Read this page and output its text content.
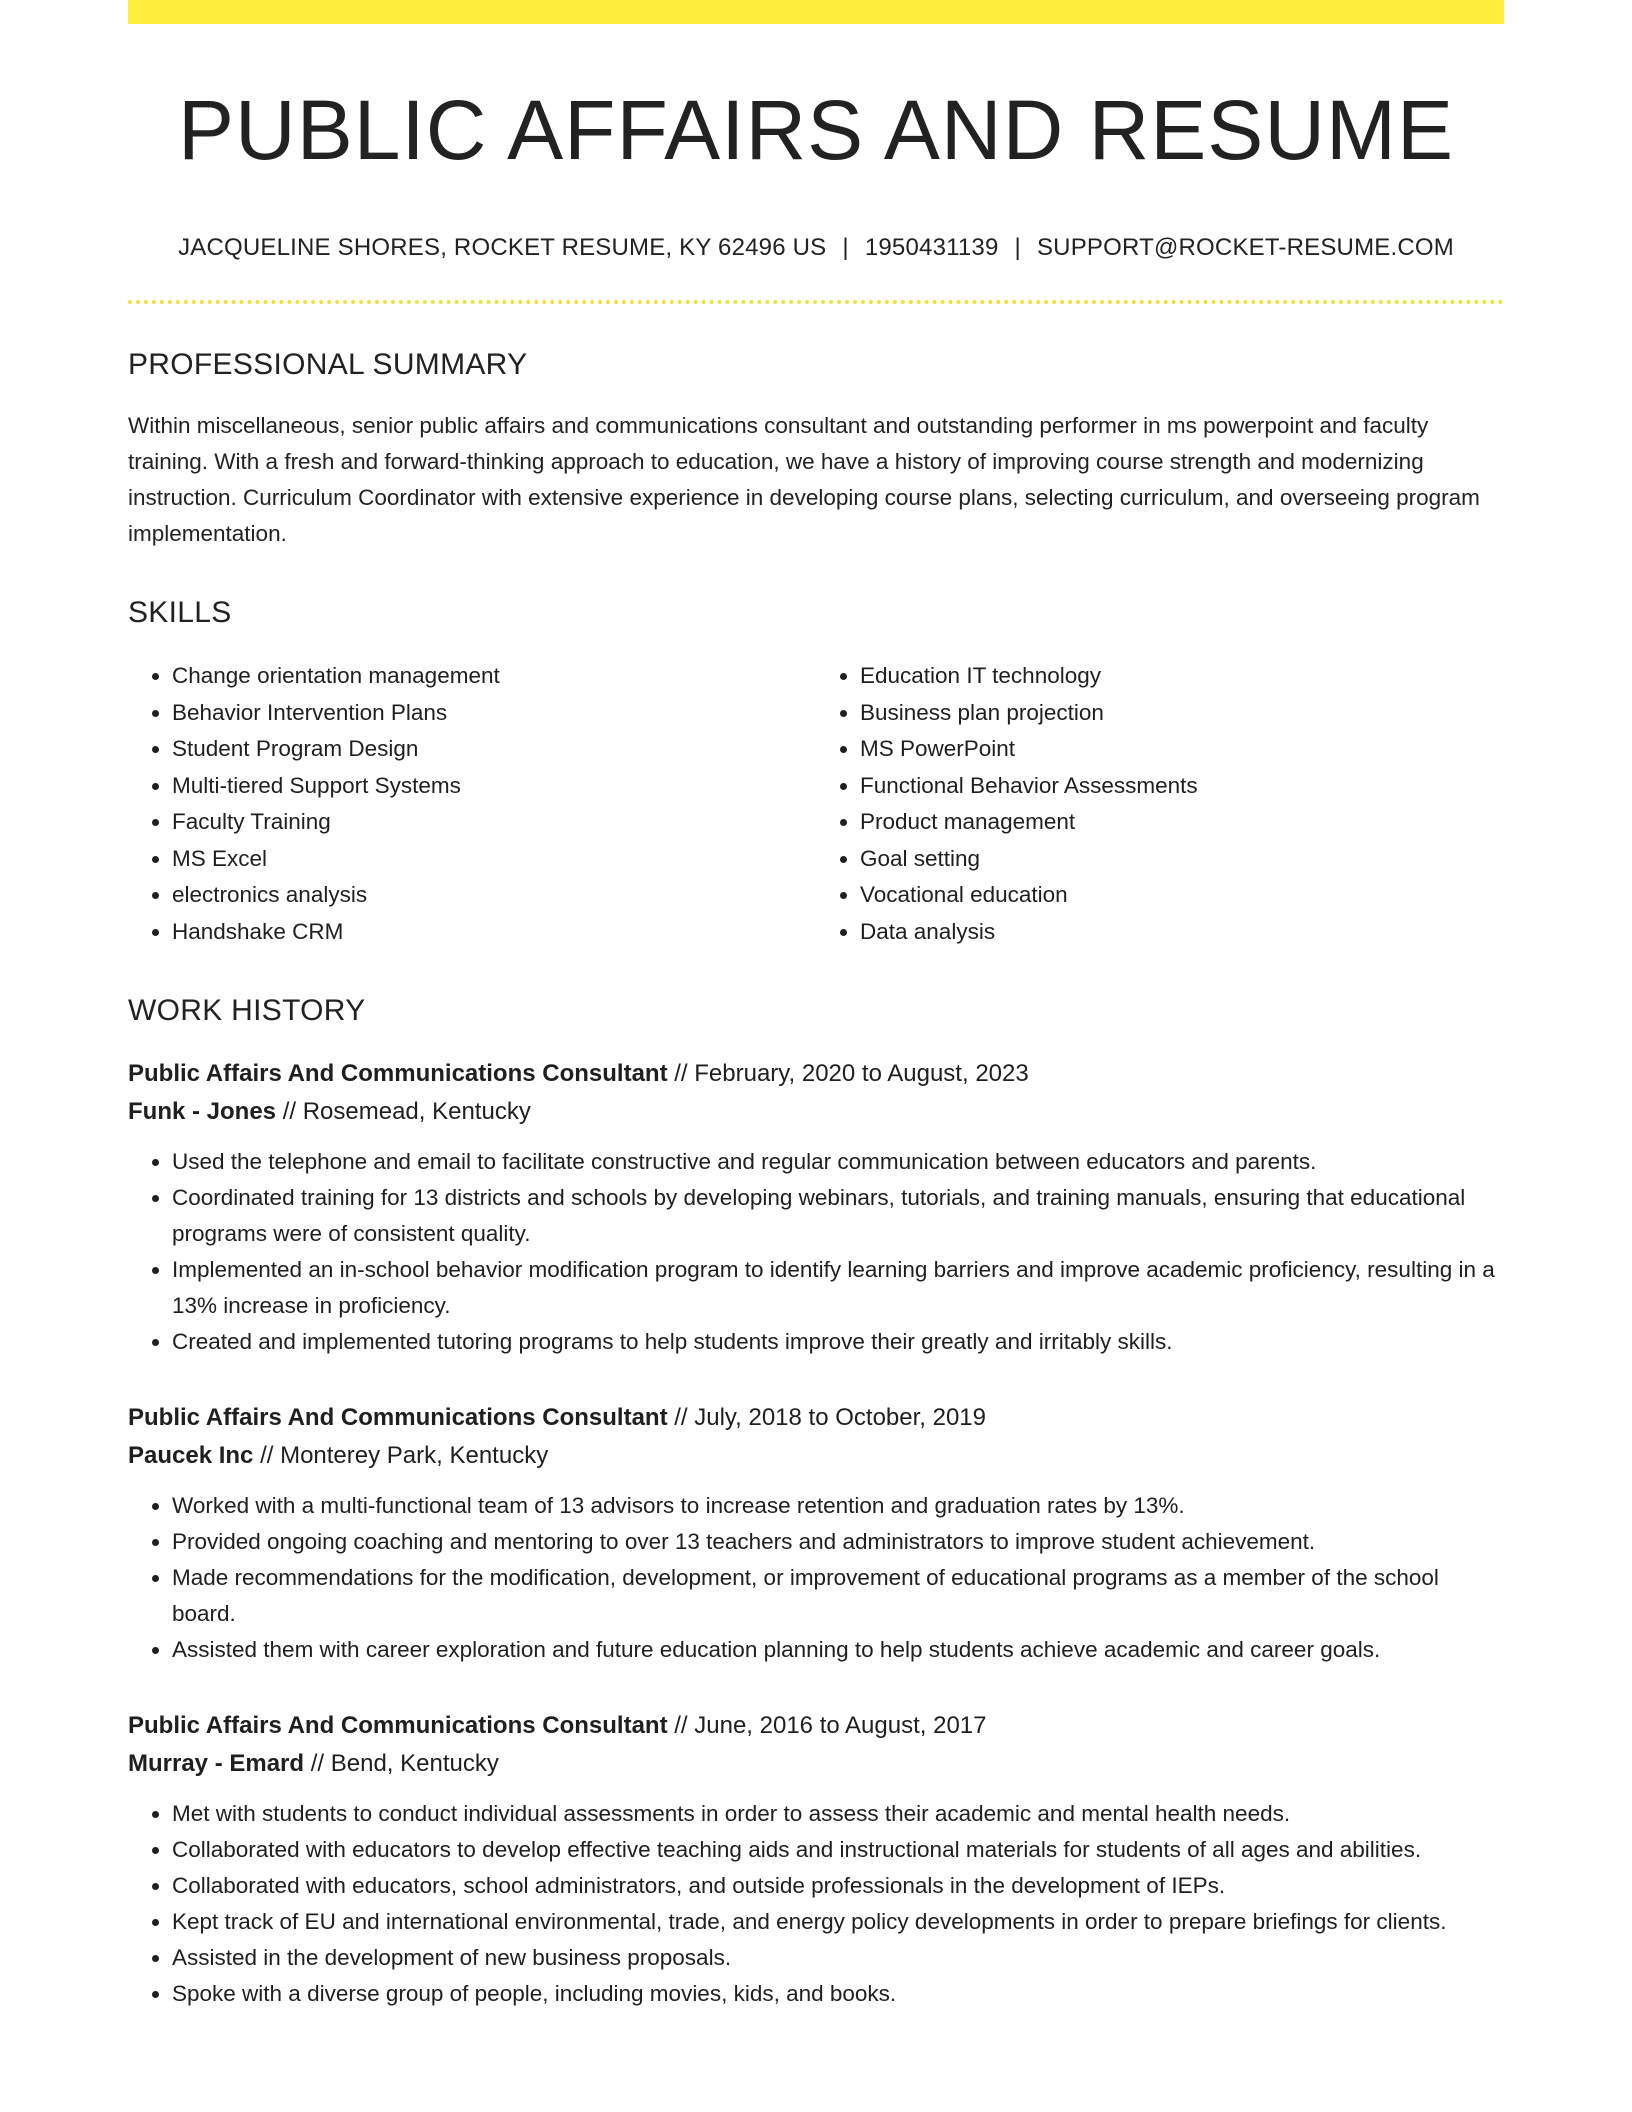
PUBLIC AFFAIRS AND RESUME
JACQUELINE SHORES, ROCKET RESUME, KY 62496 US | 1950431139 | SUPPORT@ROCKET-RESUME.COM
PROFESSIONAL SUMMARY
Within miscellaneous, senior public affairs and communications consultant and outstanding performer in ms powerpoint and faculty training. With a fresh and forward-thinking approach to education, we have a history of improving course strength and modernizing instruction. Curriculum Coordinator with extensive experience in developing course plans, selecting curriculum, and overseeing program implementation.
SKILLS
• Change orientation management
• Behavior Intervention Plans
• Student Program Design
• Multi-tiered Support Systems
• Faculty Training
• MS Excel
• electronics analysis
• Handshake CRM
• Education IT technology
• Business plan projection
• MS PowerPoint
• Functional Behavior Assessments
• Product management
• Goal setting
• Vocational education
• Data analysis
WORK HISTORY
Public Affairs And Communications Consultant // February, 2020 to August, 2023
Funk - Jones // Rosemead, Kentucky
• Used the telephone and email to facilitate constructive and regular communication between educators and parents.
• Coordinated training for 13 districts and schools by developing webinars, tutorials, and training manuals, ensuring that educational programs were of consistent quality.
• Implemented an in-school behavior modification program to identify learning barriers and improve academic proficiency, resulting in a 13% increase in proficiency.
• Created and implemented tutoring programs to help students improve their greatly and irritably skills.
Public Affairs And Communications Consultant // July, 2018 to October, 2019
Paucek Inc // Monterey Park, Kentucky
• Worked with a multi-functional team of 13 advisors to increase retention and graduation rates by 13%.
• Provided ongoing coaching and mentoring to over 13 teachers and administrators to improve student achievement.
• Made recommendations for the modification, development, or improvement of educational programs as a member of the school board.
• Assisted them with career exploration and future education planning to help students achieve academic and career goals.
Public Affairs And Communications Consultant // June, 2016 to August, 2017
Murray - Emard // Bend, Kentucky
• Met with students to conduct individual assessments in order to assess their academic and mental health needs.
• Collaborated with educators to develop effective teaching aids and instructional materials for students of all ages and abilities.
• Collaborated with educators, school administrators, and outside professionals in the development of IEPs.
• Kept track of EU and international environmental, trade, and energy policy developments in order to prepare briefings for clients.
• Assisted in the development of new business proposals.
• Spoke with a diverse group of people, including movies, kids, and books.
